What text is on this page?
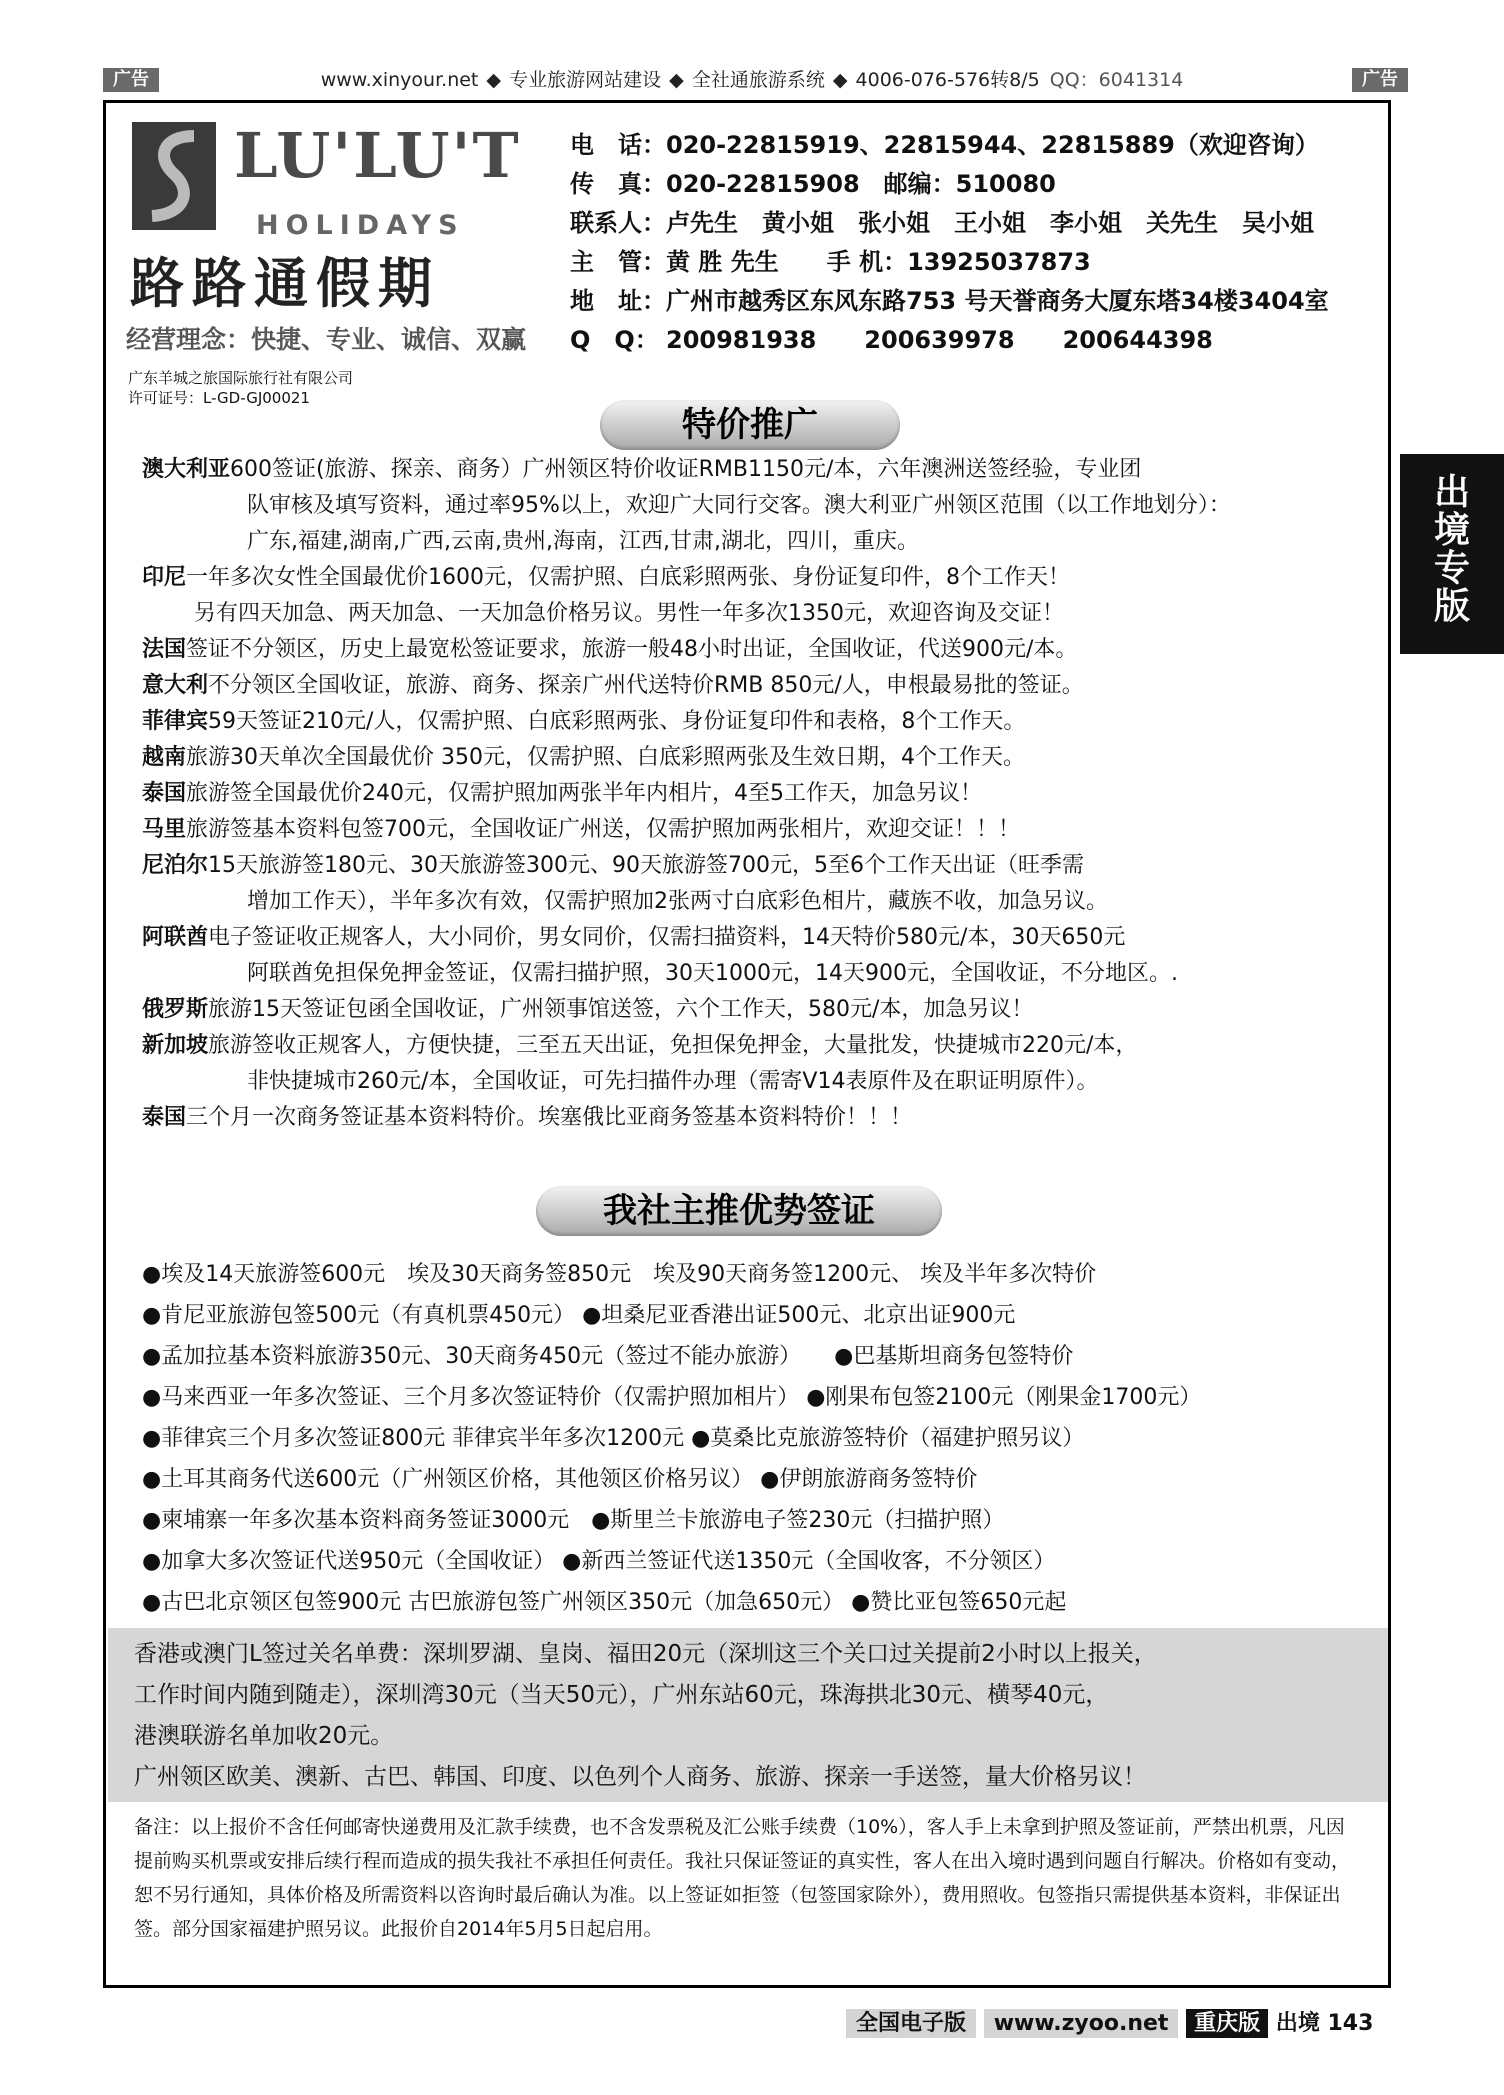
广告	广告
www.xinyour.net ◆ 专业旅游网站建设 ◆ 全社通旅游系统 ◆ 4006-076-576转8/5 QQ：6041314
LU'LU'T
HOLIDAYS
路路通假期
经营理念：快捷、专业、诚信、双赢
广东羊城之旅国际旅行社有限公司
许可证号：L-GD-GJ00021
电　话：020-22815919、22815944、22815889（欢迎咨询）
传　真：020-22815908　邮编：510080
联系人：卢先生　黄小姐　张小姐　王小姐　李小姐　关先生　吴小姐
主　管：黄 胜 先生　　手 机：13925037873
地　址：广州市越秀区东风东路753 号天誉商务大厦东塔34楼3404室
Q　Q： 200981938　　200639978　　200644398
出境专版
特价推广
澳大利亚600签证(旅游、探亲、商务）广州领区特价收证RMB1150元/本，六年澳洲送签经验，专业团
队审核及填写资料，通过率95%以上，欢迎广大同行交客。澳大利亚广州领区范围（以工作地划分）：
广东,福建,湖南,广西,云南,贵州,海南，江西,甘肃,湖北，四川，重庆。
印尼一年多次女性全国最优价1600元，仅需护照、白底彩照两张、身份证复印件，8个工作天！
另有四天加急、两天加急、一天加急价格另议。男性一年多次1350元，欢迎咨询及交证！
法国签证不分领区，历史上最宽松签证要求，旅游一般48小时出证，全国收证，代送900元/本。
意大利不分领区全国收证，旅游、商务、探亲广州代送特价RMB 850元/人，申根最易批的签证。
菲律宾59天签证210元/人，仅需护照、白底彩照两张、身份证复印件和表格，8个工作天。
越南旅游30天单次全国最优价 350元，仅需护照、白底彩照两张及生效日期，4个工作天。
泰国旅游签全国最优价240元，仅需护照加两张半年内相片，4至5工作天，加急另议！
马里旅游签基本资料包签700元，全国收证广州送，仅需护照加两张相片，欢迎交证！！！
尼泊尔15天旅游签180元、30天旅游签300元、90天旅游签700元，5至6个工作天出证（旺季需
增加工作天），半年多次有效，仅需护照加2张两寸白底彩色相片，藏族不收，加急另议。
阿联酋电子签证收正规客人，大小同价，男女同价，仅需扫描资料，14天特价580元/本，30天650元
阿联酋免担保免押金签证，仅需扫描护照，30天1000元，14天900元，全国收证，不分地区。.
俄罗斯旅游15天签证包函全国收证，广州领事馆送签，六个工作天，580元/本，加急另议！
新加坡旅游签收正规客人，方便快捷，三至五天出证，免担保免押金，大量批发，快捷城市220元/本，
非快捷城市260元/本，全国收证，可先扫描件办理（需寄V14表原件及在职证明原件）。
泰国三个月一次商务签证基本资料特价。埃塞俄比亚商务签基本资料特价！！！
我社主推优势签证
●埃及14天旅游签600元　埃及30天商务签850元　埃及90天商务签1200元、 埃及半年多次特价
●肯尼亚旅游包签500元（有真机票450元） ●坦桑尼亚香港出证500元、北京出证900元
●孟加拉基本资料旅游350元、30天商务450元（签过不能办旅游）　　●巴基斯坦商务包签特价
●马来西亚一年多次签证、三个月多次签证特价（仅需护照加相片） ●刚果布包签2100元（刚果金1700元）
●菲律宾三个月多次签证800元 菲律宾半年多次1200元 ●莫桑比克旅游签特价（福建护照另议）
●土耳其商务代送600元（广州领区价格，其他领区价格另议） ●伊朗旅游商务签特价
●柬埔寨一年多次基本资料商务签证3000元　●斯里兰卡旅游电子签230元（扫描护照）
●加拿大多次签证代送950元（全国收证） ●新西兰签证代送1350元（全国收客，不分领区）
●古巴北京领区包签900元 古巴旅游包签广州领区350元（加急650元） ●赞比亚包签650元起
香港或澳门L签过关名单费：深圳罗湖、皇岗、福田20元（深圳这三个关口过关提前2小时以上报关，
工作时间内随到随走），深圳湾30元（当天50元），广州东站60元，珠海拱北30元、横琴40元，
港澳联游名单加收20元。
广州领区欧美、澳新、古巴、韩国、印度、以色列个人商务、旅游、探亲一手送签，量大价格另议！
备注：以上报价不含任何邮寄快递费用及汇款手续费，也不含发票税及汇公账手续费（10%），客人手上未拿到护照及签证前，严禁出机票，凡因提前购买机票或安排后续行程而造成的损失我社不承担任何责任。我社只保证签证的真实性，客人在出入境时遇到问题自行解决。价格如有变动，恕不另行通知，具体价格及所需资料以咨询时最后确认为准。以上签证如拒签（包签国家除外），费用照收。包签指只需提供基本资料，非保证出签。部分国家福建护照另议。此报价自2014年5月5日起启用。
全国电子版 www.zyoo.net 重庆版 出境 143
